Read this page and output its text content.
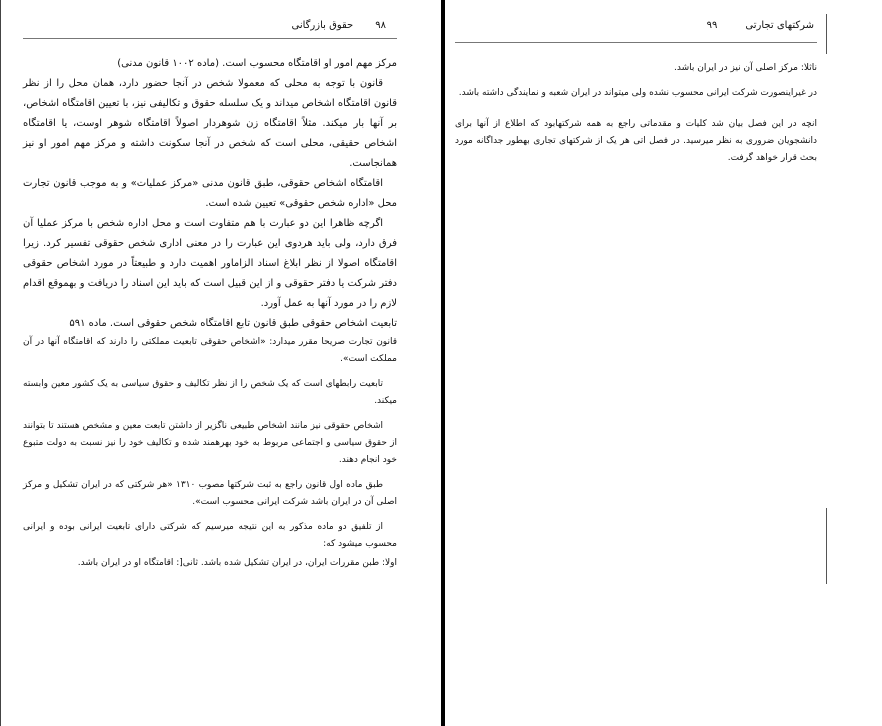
۹۸حقوق بازرگانی

مرکز مهم امور او اقامتگاه محسوب است. (ماده ۱۰۰۲ قانون مدنی)

قانون با توجه به محلی که معمولا شخص در آنجا حضور دارد، همان محل را از نظر قانون اقامتگاه اشخاص میداند و یک سلسله حقوق و تکالیفی نیز، با تعیین اقامتگاه اشخاص، بر آنها بار میکند. مثلاً اقامتگاه زن شوهردار اصولاً اقامتگاه شوهر اوست، یا اقامتگاه اشخاص حقیقی، محلی است که شخص در آنجا سکونت داشته و مرکز مهم امور او نیز همانجاست.

اقامتگاه اشخاص حقوقی، طبق قانون مدنی «مرکز عملیات» و به موجب قانون تجارت محل «اداره شخص حقوقی» تعیین شده است.

اگرچه ظاهرا این دو عبارت با هم متفاوت است و محل اداره شخص با مرکز عملیا آن فرق دارد، ولی باید هردوی این عبارت را در معنی اداری شخص حقوقی تفسیر کرد. زیرا اقامتگاه اصولا از نظر ابلاغ اسناد الزاماور اهمیت دارد و طبیعتاً در مورد اشخاص حقوقی دفتر شرکت یا دفتر حقوقی و از این قبیل است که باید این اسناد را دریافت و بهموقع اقدام لازم را در مورد آنها به عمل آورد.

تابعیت اشخاص حقوقی طبق قانون تابع اقامتگاه شخص حقوقی است. ماده ۵۹۱

قانون تجارت صریحا مقرر میدارد: «اشخاص حقوقی تابعیت مملکتی را دارند که اقامتگاه آنها در آن مملکت است».

تابعیت رابطهای است که یک شخص را از نظر تکالیف و حقوق سیاسی به یک کشور معین وابسته میکند.

اشخاص حقوقی نیز مانند اشخاص طبیعی ناگزیر از داشتن تابعت معین و مشخص هستند تا بتوانند از حقوق سیاسی و اجتماعی مربوط به خود بهرهمند شده و تکالیف خود را نیز نسبت به دولت متبوع خود انجام دهند.

طبق ماده اول قانون راجع به ثبت شرکتها مصوب ۱۳۱۰ «هر شرکتی که در ایران تشکیل و مرکز اصلی آن در ایران باشد شرکت ایرانی محسوب است».

از تلفیق دو ماده مذکور به این نتیجه میرسیم که شرکتی دارای تابعیت ایرانی بوده و ایرانی محسوب میشود که:

اولا: طبن مقررات ایران، در ایران تشکیل شده باشد. ثانی[: اقامتگاه او در ایران باشد.

شرکتهای تجارتی۹۹

ناثلا: مرکز اصلی آن نیز در ایران باشد.

در غیراینصورت شرکت ایرانی محسوب نشده ولی میتواند در ایران شعبه و نمایندگی داشته باشد.

انچه در این فصل بیان شد کلیات و مقدماتی راجع به همه شرکتهابود که اطلاع از آنها برای دانشجویان ضروری به نظر میرسید. در فصل اتی هر یک از شرکتهای تجاری بهطور جداگانه مورد بحث قرار خواهد گرفت.
